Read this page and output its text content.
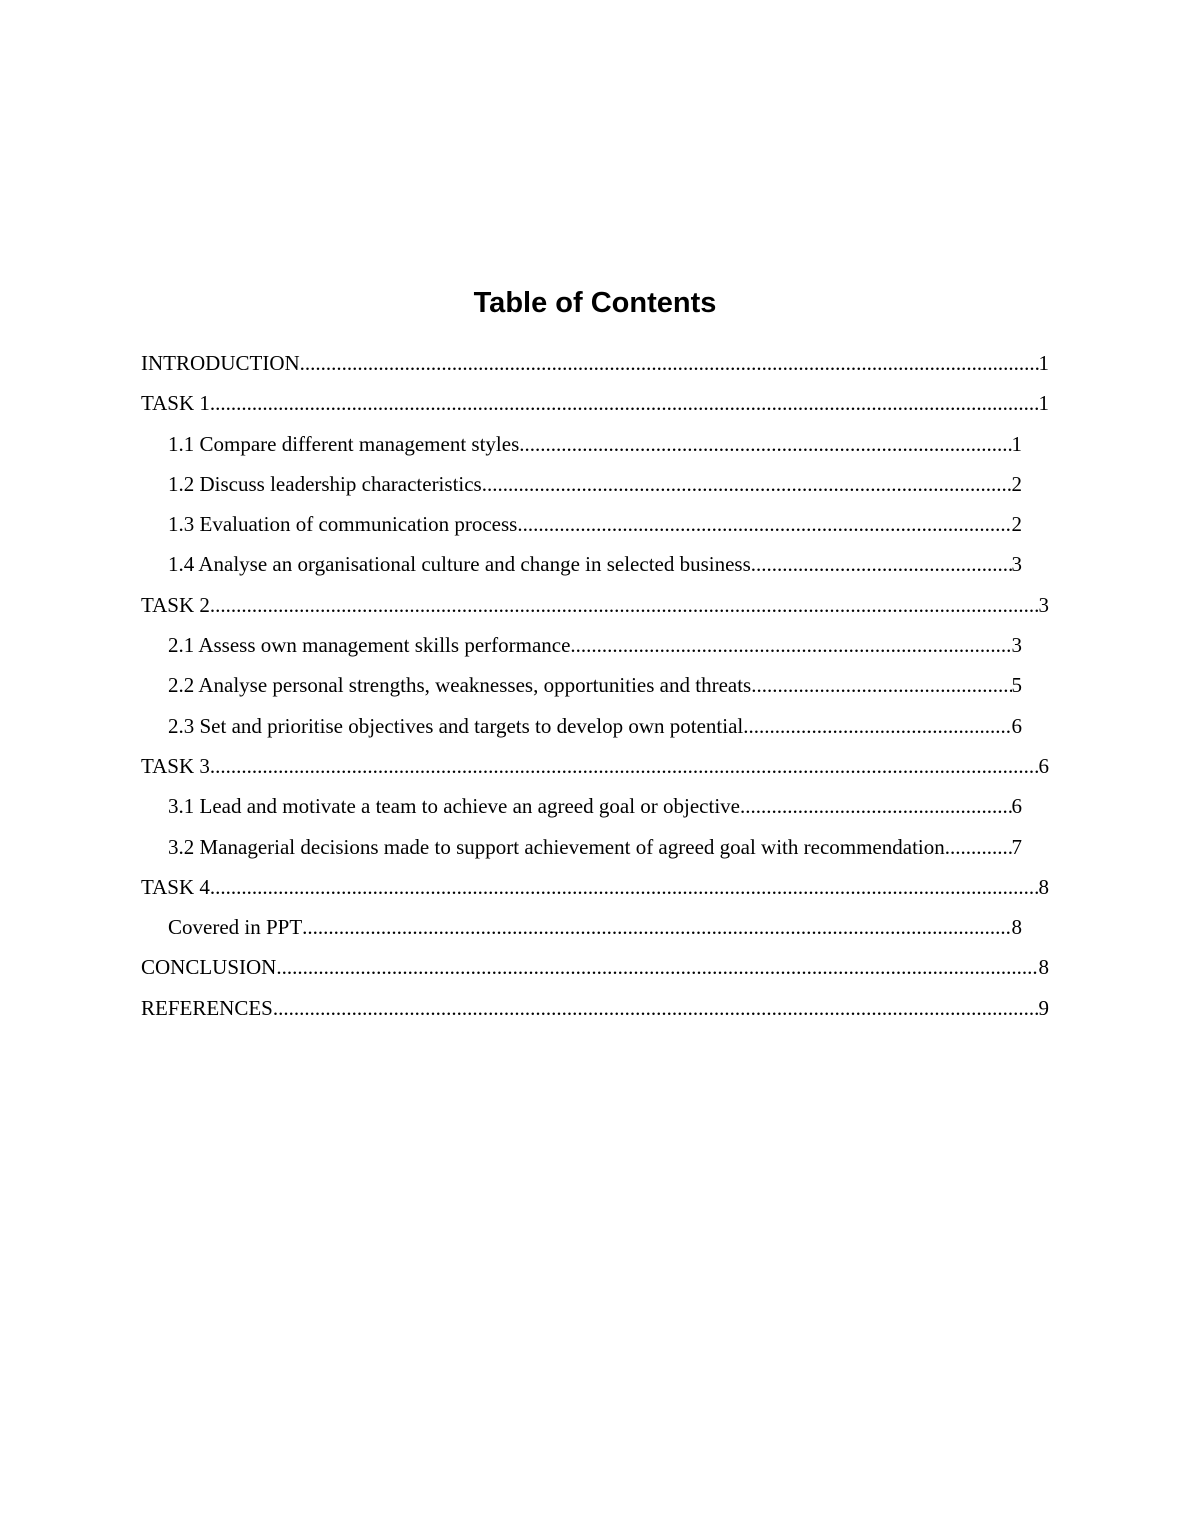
Table of Contents
INTRODUCTION .....	1
TASK 1 .....	1
1.1 Compare different management styles .....	1
1.2 Discuss leadership characteristics .....	2
1.3 Evaluation of communication process .....	2
1.4 Analyse an organisational culture and change in selected business .....	3
TASK 2 .....	3
2.1 Assess own management skills performance .....	3
2.2 Analyse personal strengths, weaknesses, opportunities and threats .....	5
2.3 Set and prioritise objectives and targets to develop own potential .....	6
TASK 3 .....	6
3.1 Lead and motivate a team to achieve an agreed goal or objective .....	6
3.2 Managerial decisions made to support achievement of agreed goal with recommendation .....	7
TASK 4 .....	8
Covered in PPT .....	8
CONCLUSION .....	8
REFERENCES .....	9
